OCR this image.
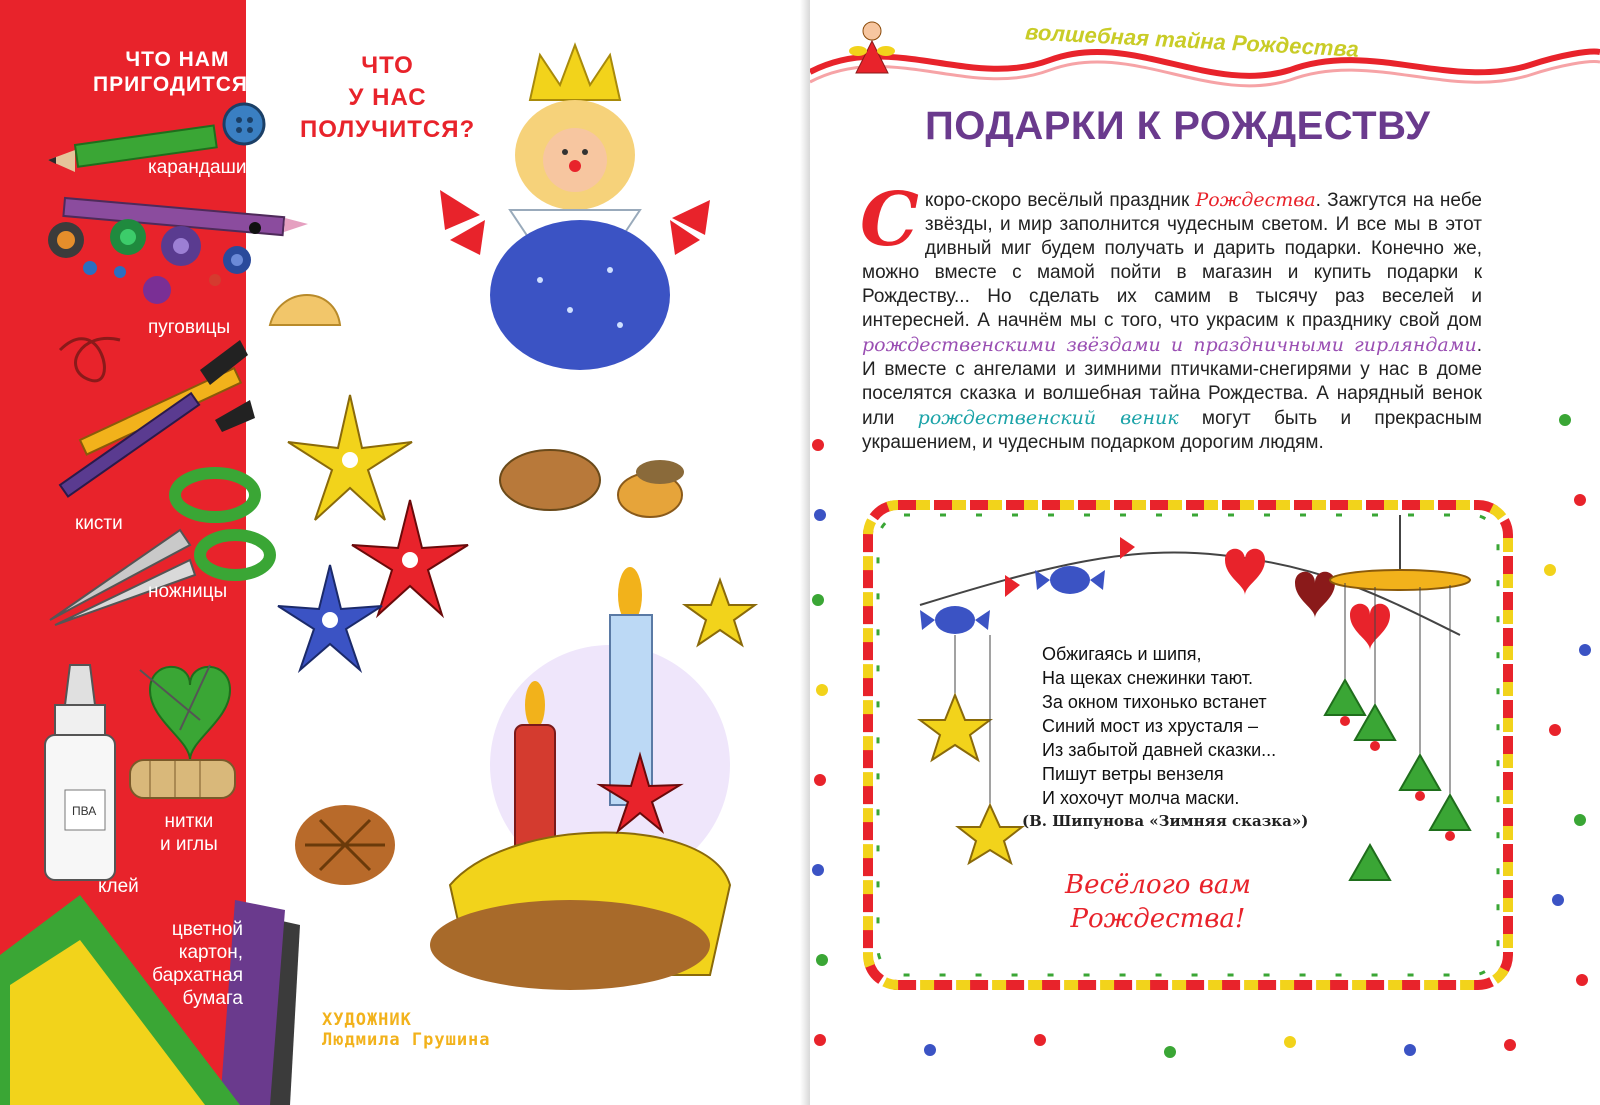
ЧТО НАМ
ПРИГОДИТСЯ?
ЧТО
У НАС
ПОЛУЧИТСЯ?
карандаши
пуговицы
кисти
ножницы
нитки
и иглы
ПВА
клей
цветной
картон,
бархатная
бумага
ХУДОЖНИК
Людмила Грушина
волшебная тайна Рождества
ПОДАРКИ К РОЖДЕСТВУ
Скоро-скоро весёлый праздник Рождества. Зажгутся на небе звёзды, и мир заполнится чудесным светом. И все мы в этот дивный миг будем получать и дарить подарки. Конечно же, можно вместе с мамой пойти в магазин и купить подарки к Рождеству... Но сделать их самим в тысячу раз веселей и интересней. А начнём мы с того, что украсим к празднику свой дом рождественскими звёздами и праздничными гирляндами. И вместе с ангелами и зимними птичками-снегирями у нас в доме поселятся сказка и волшебная тайна Рождества. А нарядный венок или рождественский веник могут быть и прекрасным украшением, и чудесным подарком дорогим людям.
Обжигаясь и шипя,
На щеках снежинки тают.
За окном тихонько встанет
Синий мост из хрусталя –
Из забытой давней сказки...
Пишут ветры вензеля
И хохочут молча маски.
(В. Шипунова «Зимняя сказка»)
Весёлого вам
Рождества!
